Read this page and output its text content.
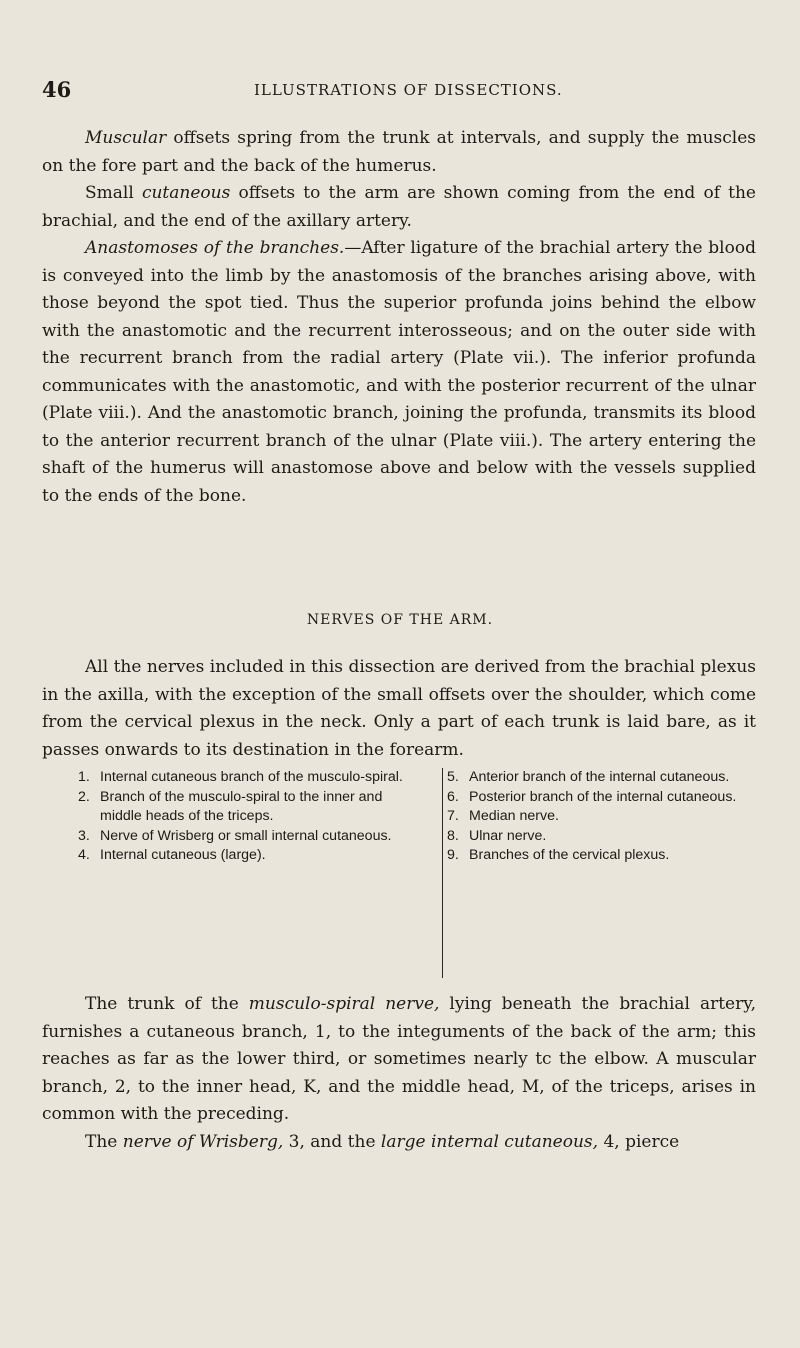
46	ILLUSTRATIONS OF DISSECTIONS.

Muscular offsets spring from the trunk at intervals, and supply the muscles on the fore part and the back of the humerus.

Small cutaneous offsets to the arm are shown coming from the end of the brachial, and the end of the axillary artery.

Anastomoses of the branches.—After ligature of the brachial artery the blood is conveyed into the limb by the anastomosis of the branches arising above, with those beyond the spot tied. Thus the superior profunda joins behind the elbow with the anastomotic and the recurrent interosseous; and on the outer side with the recurrent branch from the radial artery (Plate vii.). The inferior profunda communicates with the anastomotic, and with the posterior recurrent of the ulnar (Plate viii.). And the anastomotic branch, joining the profunda, transmits its blood to the anterior recurrent branch of the ulnar (Plate viii.). The artery entering the shaft of the humerus will anastomose above and below with the vessels supplied to the ends of the bone.

NERVES OF THE ARM.

All the nerves included in this dissection are derived from the brachial plexus in the axilla, with the exception of the small offsets over the shoulder, which come from the cervical plexus in the neck. Only a part of each trunk is laid bare, as it passes onwards to its destination in the forearm.

1. Internal cutaneous branch of the musculo-spiral.
2. Branch of the musculo-spiral to the inner and middle heads of the triceps.
3. Nerve of Wrisberg or small internal cutaneous.
4. Internal cutaneous (large).
5. Anterior branch of the internal cutaneous.
6. Posterior branch of the internal cutaneous.
7. Median nerve.
8. Ulnar nerve.
9. Branches of the cervical plexus.

The trunk of the musculo-spiral nerve, lying beneath the brachial artery, furnishes a cutaneous branch, 1, to the integuments of the back of the arm; this reaches as far as the lower third, or sometimes nearly tc the elbow. A muscular branch, 2, to the inner head, K, and the middle head, M, of the triceps, arises in common with the preceding.

The nerve of Wrisberg, 3, and the large internal cutaneous, 4, pierce
